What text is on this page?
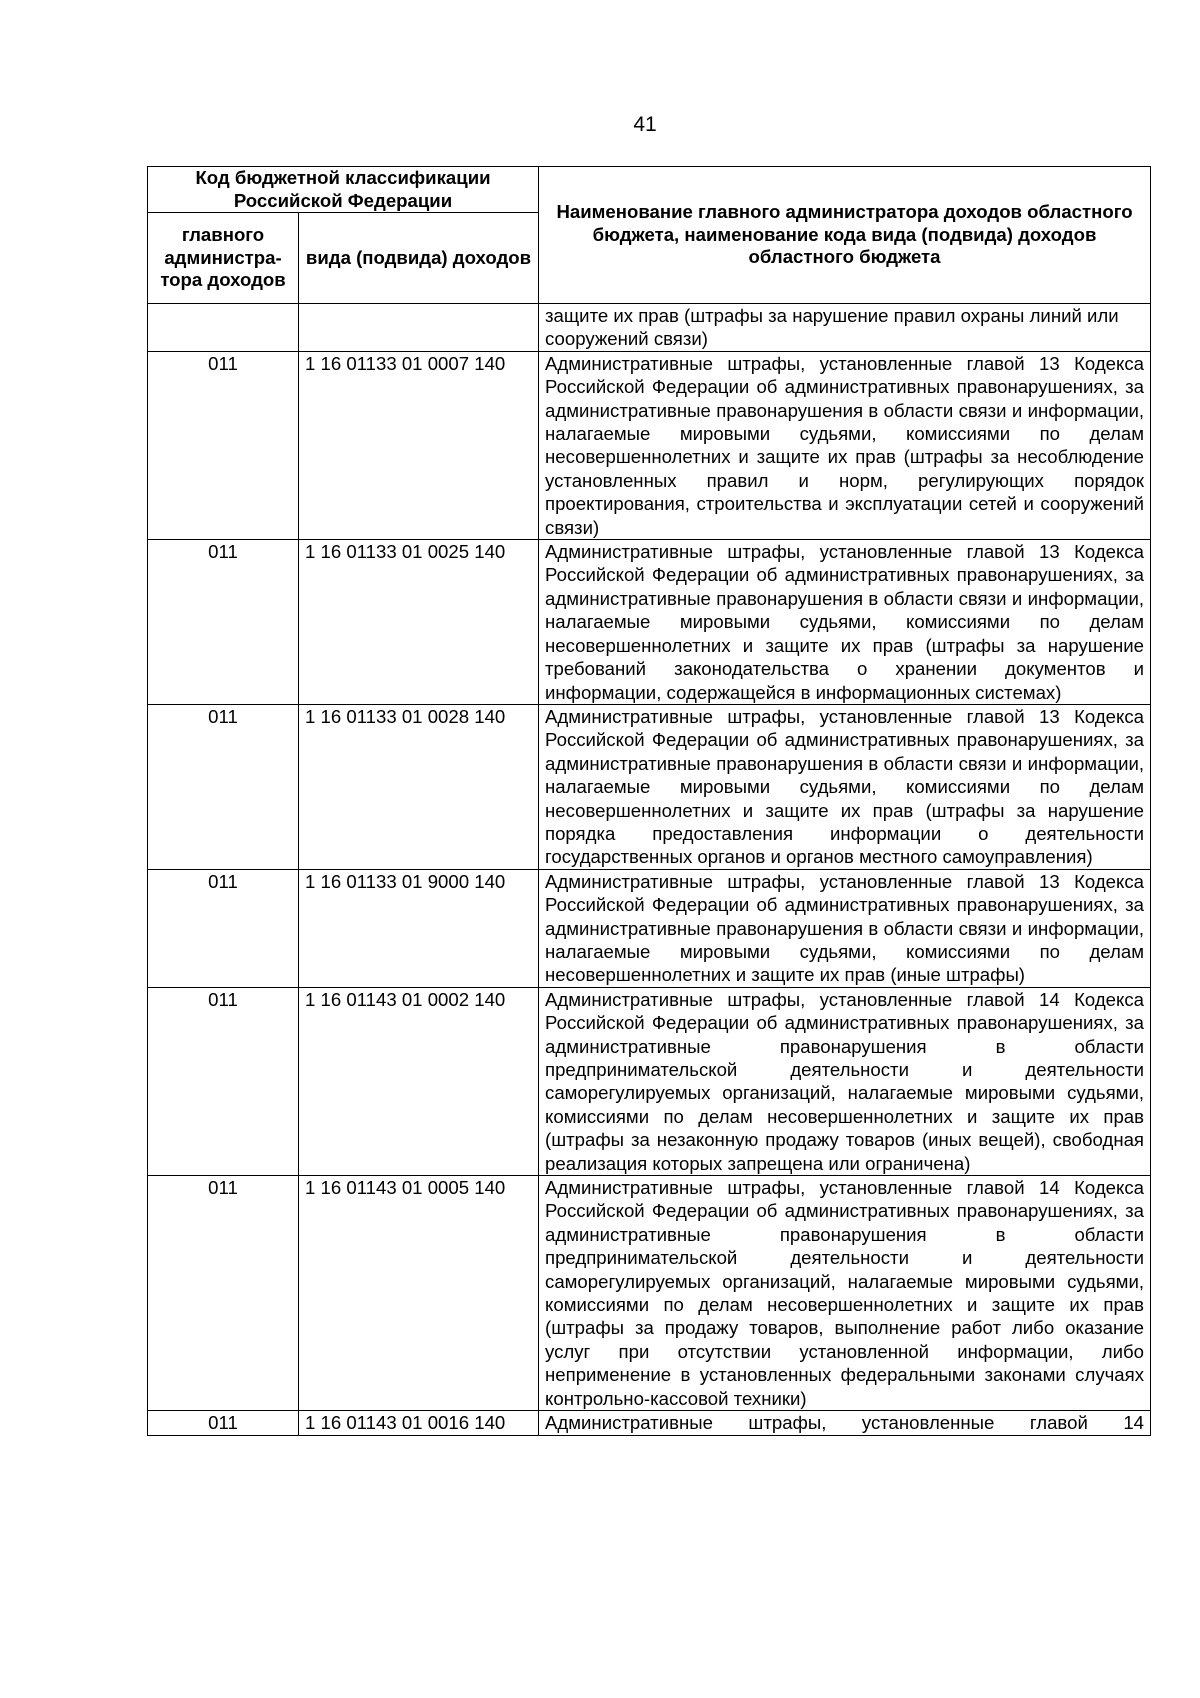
41
Код бюджетной классификации Российской Федерации		Наименование главного администратора доходов областного бюджета, наименование кода вида (подвида) доходов областного бюджета
главного администра-тора доходов	вида (подвида) доходов	
		защите их прав (штрафы за нарушение правил охраны линий или сооружений связи)
011	1 16 01133 01 0007 140	Административные штрафы, установленные главой 13 Кодекса Российской Федерации об административных правонарушениях, за административные правонарушения в области связи и информации, налагаемые мировыми судьями, комиссиями по делам несовершеннолетних и защите их прав (штрафы за несоблюдение установленных правил и норм, регулирующих порядок проектирования, строительства и эксплуатации сетей и сооружений связи)
011	1 16 01133 01 0025 140	Административные штрафы, установленные главой 13 Кодекса Российской Федерации об административных правонарушениях, за административные правонарушения в области связи и информации, налагаемые мировыми судьями, комиссиями по делам несовершеннолетних и защите их прав (штрафы за нарушение требований законодательства о хранении документов и информации, содержащейся в информационных системах)
011	1 16 01133 01 0028 140	Административные штрафы, установленные главой 13 Кодекса Российской Федерации об административных правонарушениях, за административные правонарушения в области связи и информации, налагаемые мировыми судьями, комиссиями по делам несовершеннолетних и защите их прав (штрафы за нарушение порядка предоставления информации о деятельности государственных органов и органов местного самоуправления)
011	1 16 01133 01 9000 140	Административные штрафы, установленные главой 13 Кодекса Российской Федерации об административных правонарушениях, за административные правонарушения в области связи и информации, налагаемые мировыми судьями, комиссиями по делам несовершеннолетних и защите их прав (иные штрафы)
011	1 16 01143 01 0002 140	Административные штрафы, установленные главой 14 Кодекса Российской Федерации об административных правонарушениях, за административные правонарушения в области предпринимательской деятельности и деятельности саморегулируемых организаций, налагаемые мировыми судьями, комиссиями по делам несовершеннолетних и защите их прав (штрафы за незаконную продажу товаров (иных вещей), свободная реализация которых запрещена или ограничена)
011	1 16 01143 01 0005 140	Административные штрафы, установленные главой 14 Кодекса Российской Федерации об административных правонарушениях, за административные правонарушения в области предпринимательской деятельности и деятельности саморегулируемых организаций, налагаемые мировыми судьями, комиссиями по делам несовершеннолетних и защите их прав (штрафы за продажу товаров, выполнение работ либо оказание услуг при отсутствии установленной информации, либо неприменение в установленных федеральными законами случаях контрольно-кассовой техники)
011	1 16 01143 01 0016 140	Административные штрафы, установленные главой 14
